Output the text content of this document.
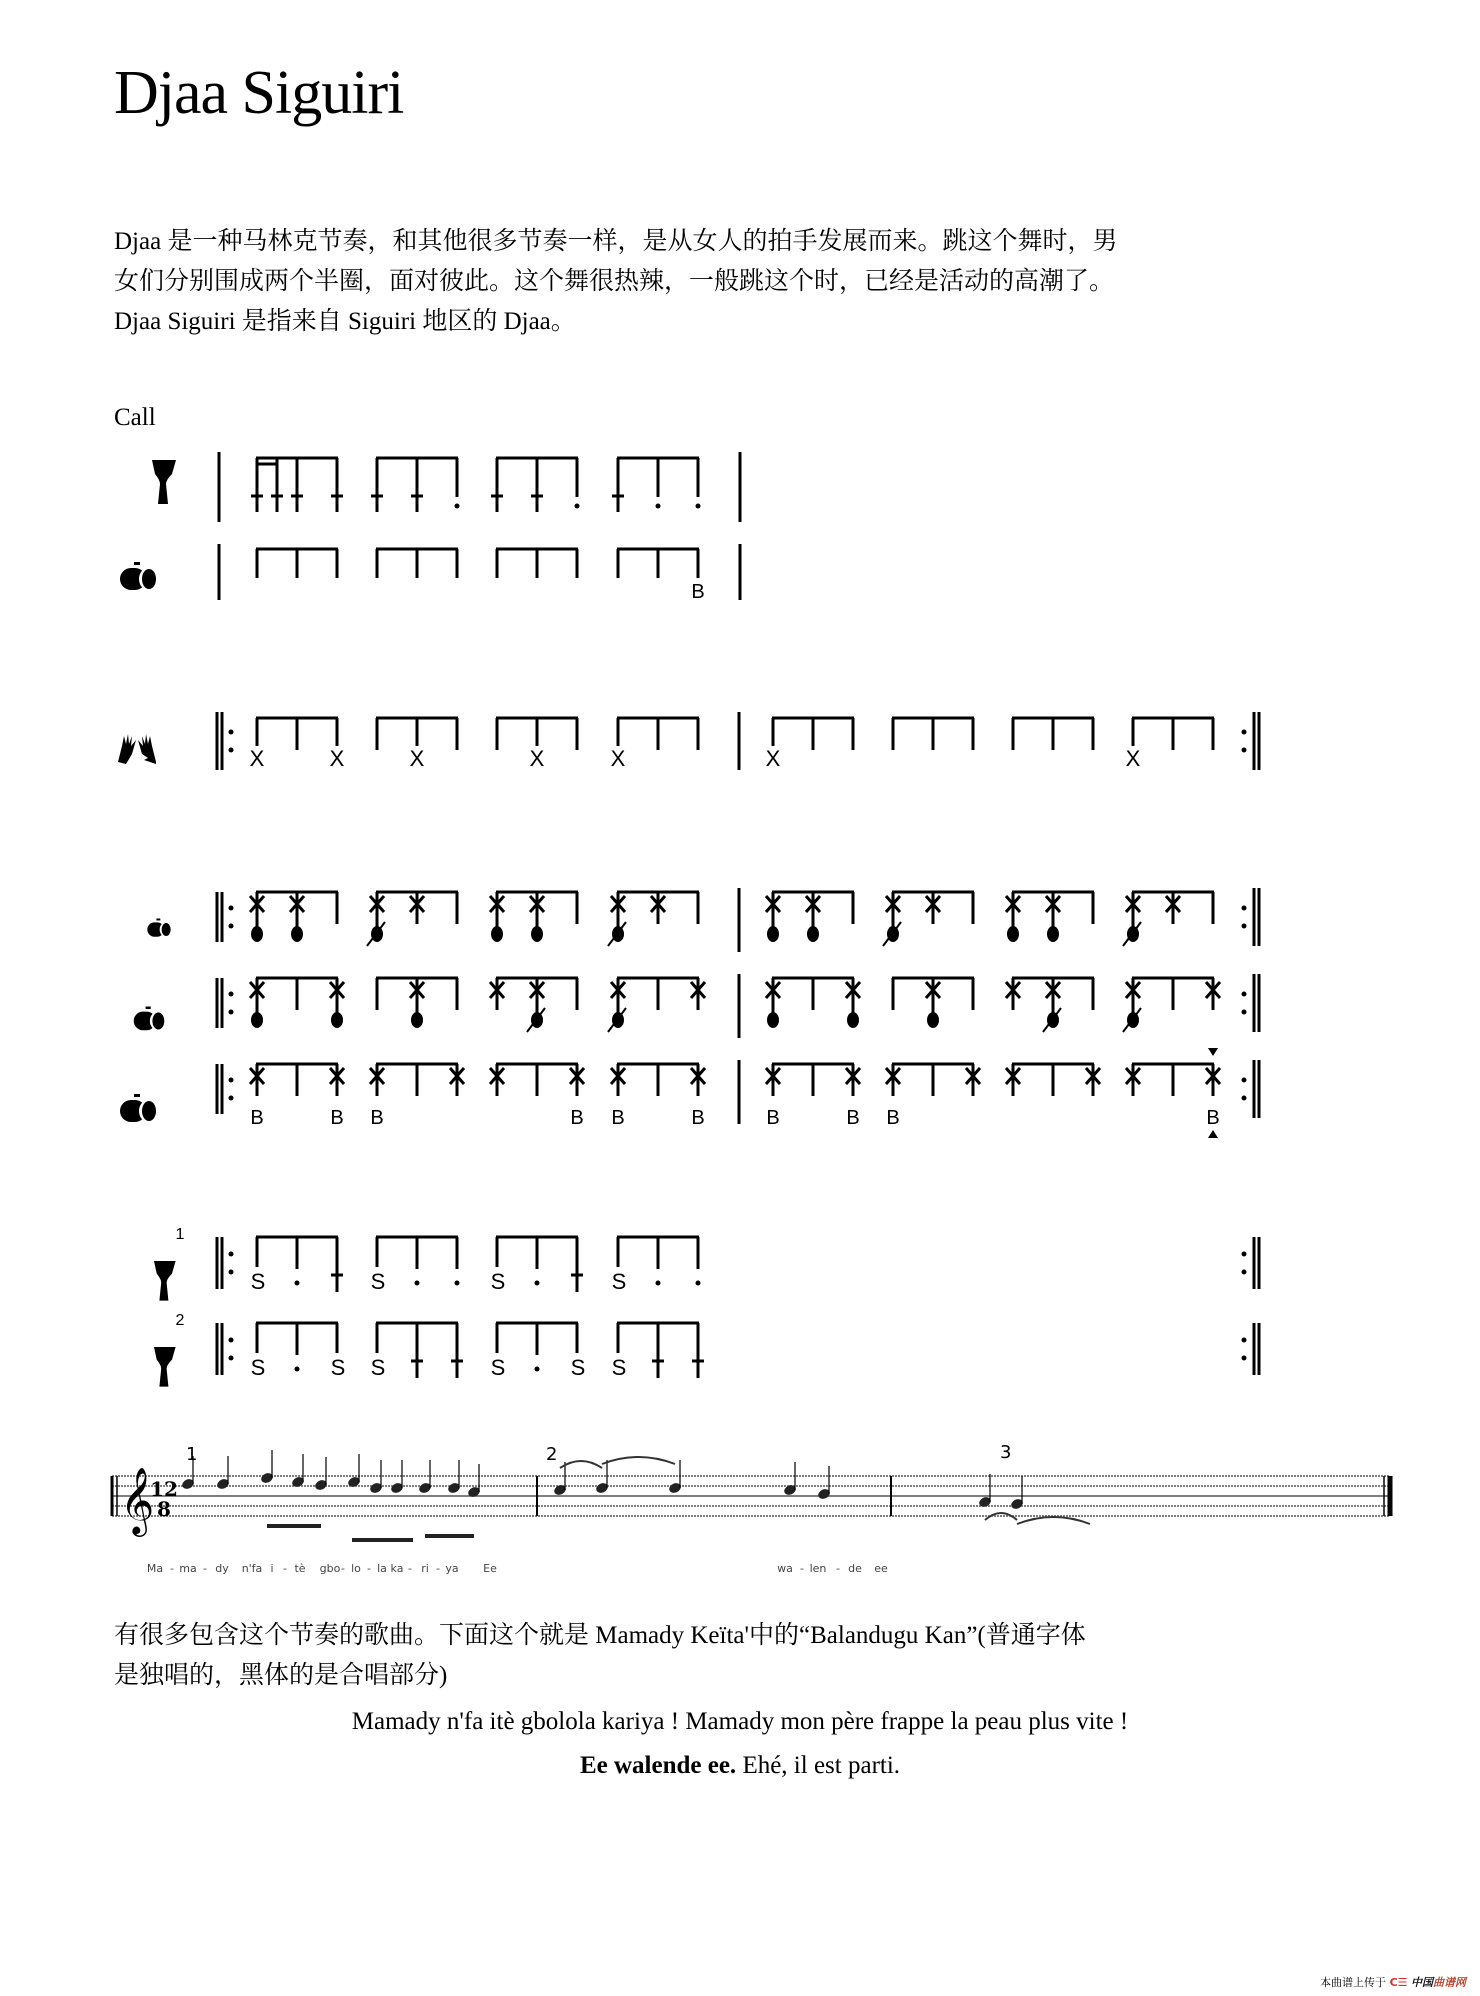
Djaa Siguiri
Djaa 是一种马林克节奏，和其他很多节奏一样，是从女人的拍手发展而来。跳这个舞时，男
女们分别围成两个半圈，面对彼此。这个舞很热辣，一般跳这个时，已经是活动的高潮了。
Djaa Siguiri 是指来自 Siguiri 地区的 Djaa。
Call
B
X	X	X	X	X	X	X
B	B B	B B	B	B	B B	B
1
S	S	S	S
2
S	S S	S	S S
𝄞
12
8
1	2	3
Ma - ma - dy n'fa i - tè gbo - lo - la ka - ri - ya Ee	wa - len - de ee
有很多包含这个节奏的歌曲。下面这个就是 Mamady Keïta'中的“Balandugu Kan”(普通字体
是独唱的，黑体的是合唱部分)
Mamady n'fa itè gbolola kariya ! Mamady mon père frappe la peau plus vite !
Ee walende ee. Ehé, il est parti.
本曲谱上传于 C☰ 中国曲谱网
